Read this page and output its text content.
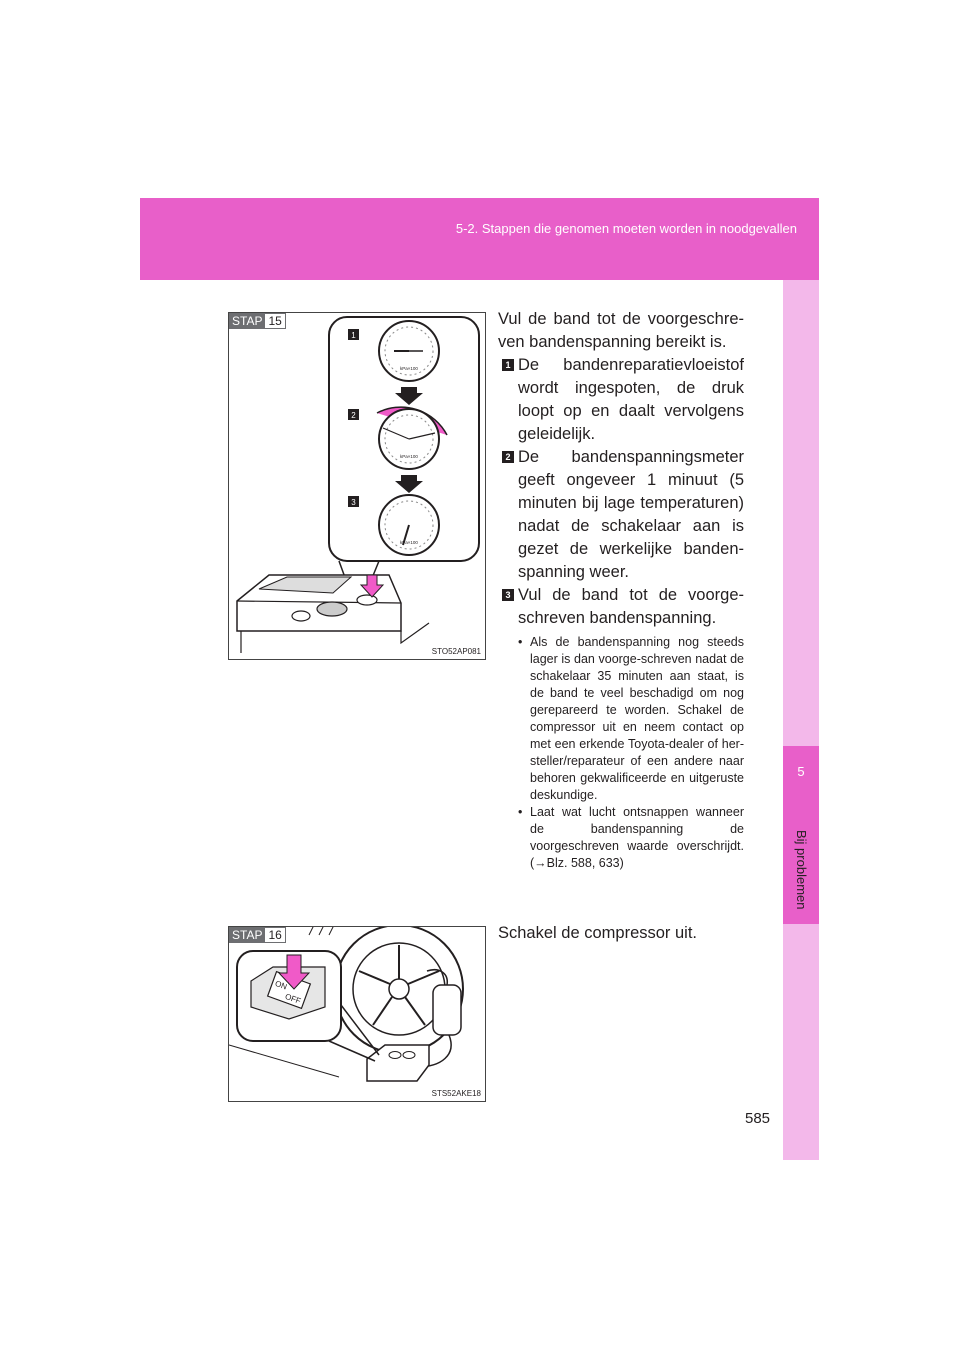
5-2. Stappen die genomen moeten worden in noodgevallen
5
Bij problemen
1
2
3
kPa×100
kPa×100
kPa×100
STAP 15
STO52AP081
ON
OFF
STAP 16
STS52AKE18
Vul de band tot de voorgeschre-ven bandenspanning bereikt is.
1 De bandenreparatievloeistof wordt ingespoten, de druk loopt op en daalt vervolgens geleidelijk.
2 De bandenspanningsmeter geeft ongeveer 1 minuut (5 minuten bij lage temperaturen) nadat de schakelaar aan is gezet de werkelijke banden-spanning weer.
3 Vul de band tot de voorge-schreven bandenspanning.
• Als de bandenspanning nog steeds lager is dan voorge-schreven nadat de schakelaar 35 minuten aan staat, is de band te veel beschadigd om nog gerepareerd te worden. Schakel de compressor uit en neem contact op met een erkende Toyota-dealer of her-steller/reparateur of een andere naar behoren gekwalificeerde en uitgeruste deskundige.
• Laat wat lucht ontsnappen wanneer de bandenspanning de voorgeschreven waarde overschrijdt. (→Blz. 588, 633)
Schakel de compressor uit.
585
